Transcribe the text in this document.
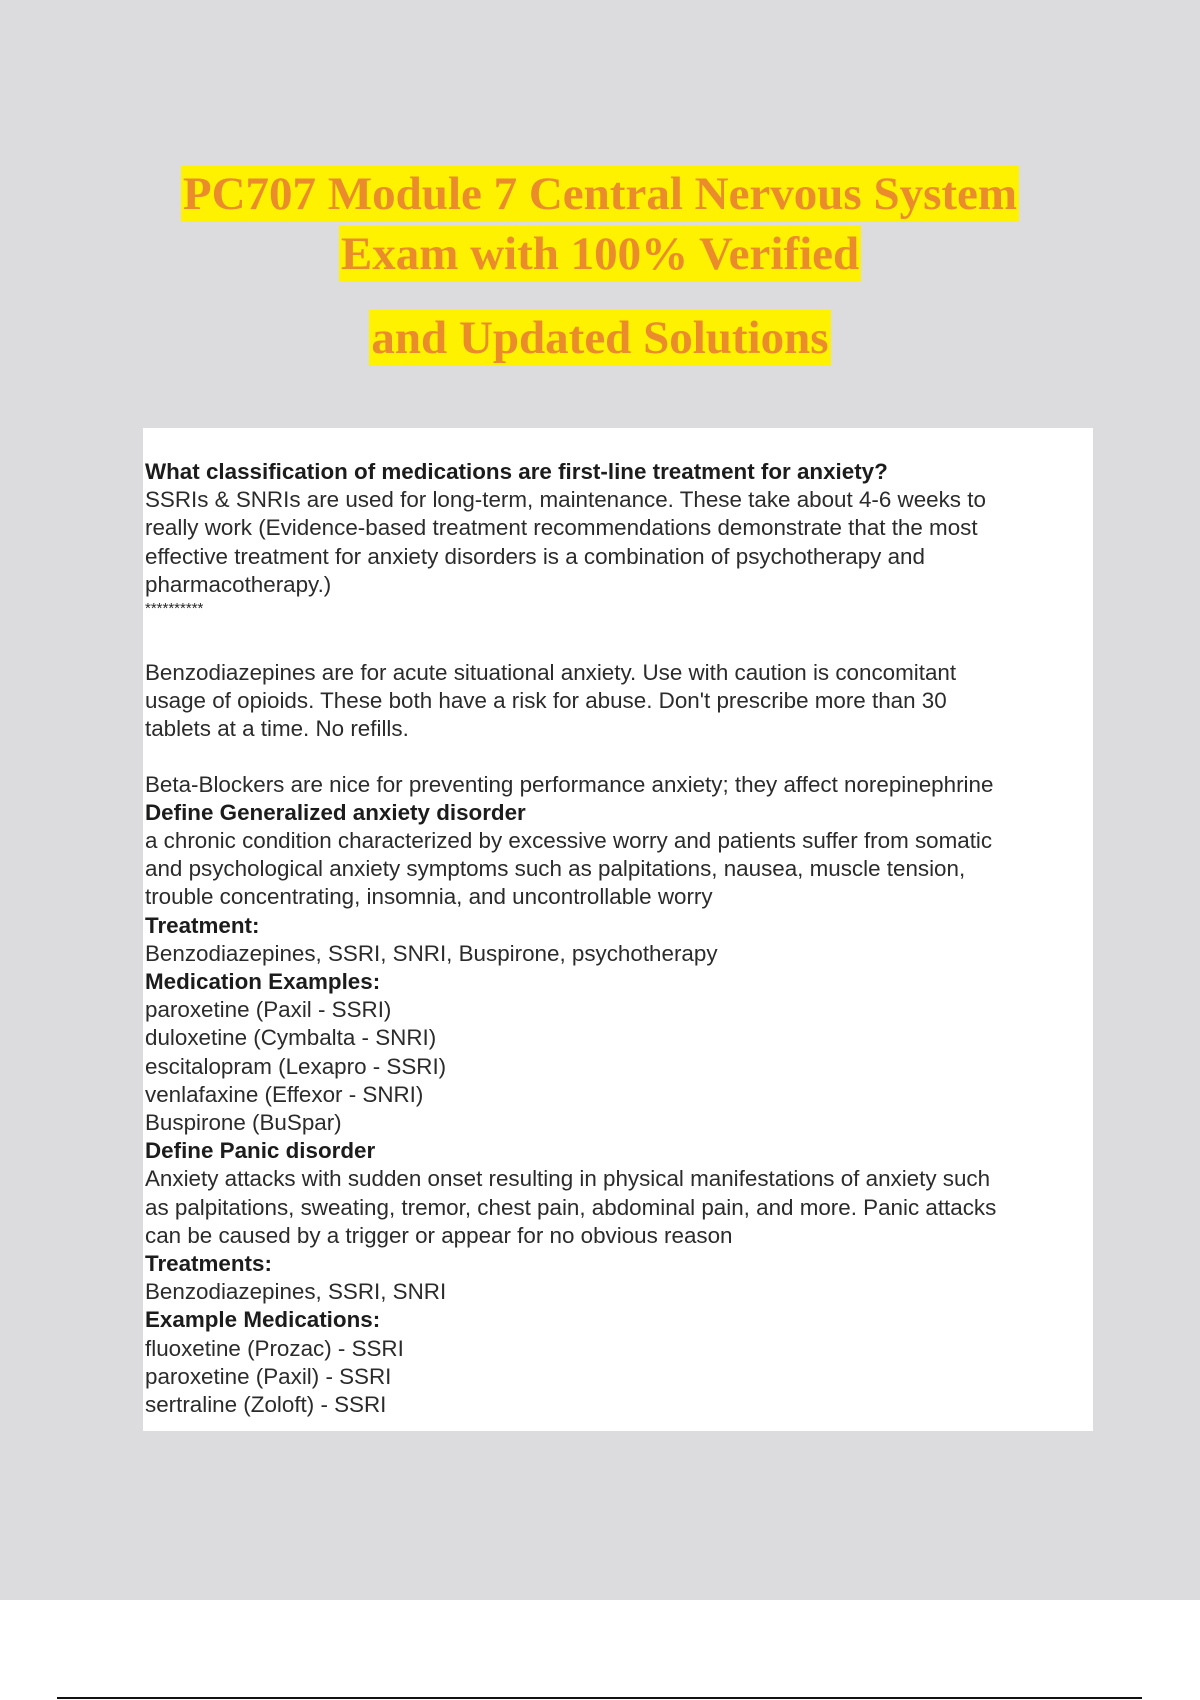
PC707 Module 7 Central Nervous System
Exam with 100% Verified
and Updated Solutions

What classification of medications are first-line treatment for anxiety?

SSRIs & SNRIs are used for long-term, maintenance. These take about 4-6 weeks to

really work (Evidence-based treatment recommendations demonstrate that the most

effective treatment for anxiety disorders is a combination of psychotherapy and

pharmacotherapy.)

**********

Benzodiazepines are for acute situational anxiety. Use with caution is concomitant

usage of opioids. These both have a risk for abuse. Don't prescribe more than 30

tablets at a time. No refills.

Beta-Blockers are nice for preventing performance anxiety; they affect norepinephrine

Define Generalized anxiety disorder

a chronic condition characterized by excessive worry and patients suffer from somatic

and psychological anxiety symptoms such as palpitations, nausea, muscle tension,

trouble concentrating, insomnia, and uncontrollable worry

Treatment:

Benzodiazepines, SSRI, SNRI, Buspirone, psychotherapy

Medication Examples:

paroxetine (Paxil - SSRI)

duloxetine (Cymbalta - SNRI)

escitalopram (Lexapro - SSRI)

venlafaxine (Effexor - SNRI)

Buspirone (BuSpar)

Define Panic disorder

Anxiety attacks with sudden onset resulting in physical manifestations of anxiety such

as palpitations, sweating, tremor, chest pain, abdominal pain, and more. Panic attacks

can be caused by a trigger or appear for no obvious reason

Treatments:

Benzodiazepines, SSRI, SNRI

Example Medications:

fluoxetine (Prozac) - SSRI

paroxetine (Paxil) - SSRI

sertraline (Zoloft) - SSRI
